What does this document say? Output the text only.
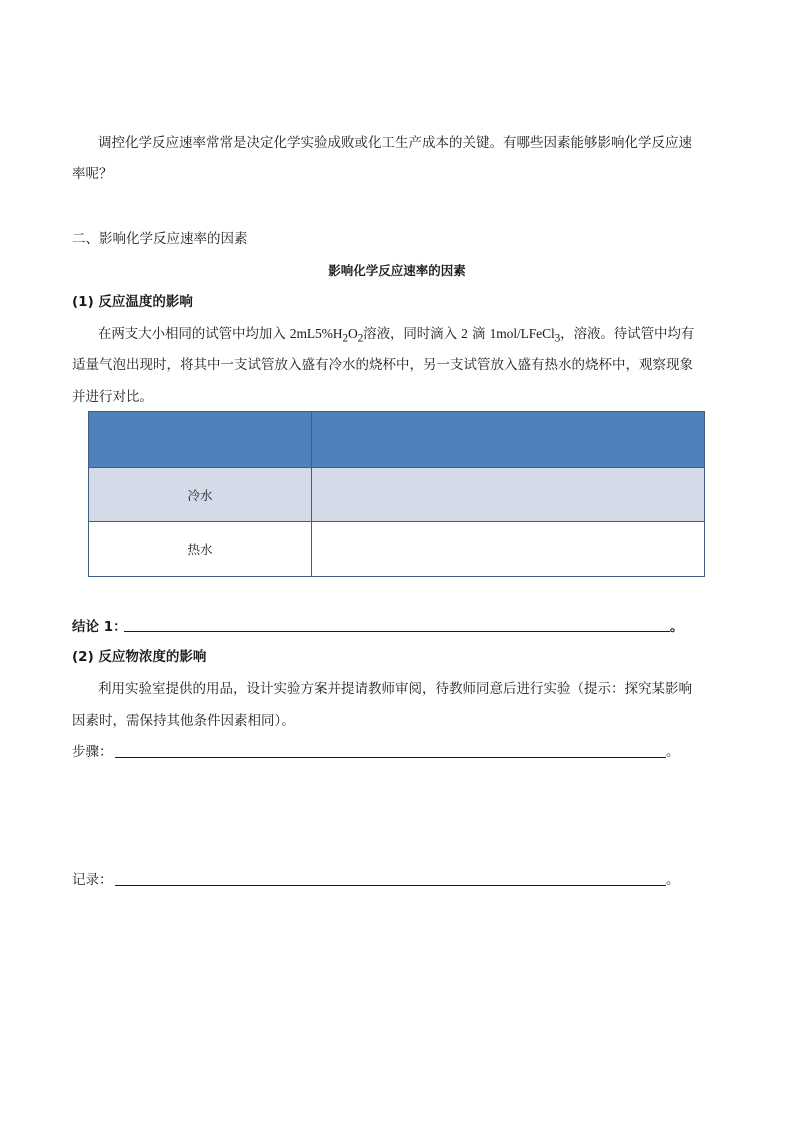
调控化学反应速率常常是决定化学实验成败或化工生产成本的关键。有哪些因素能够影响化学反应速
率呢？
二、影响化学反应速率的因素
影响化学反应速率的因素
(1) 反应温度的影响
在两支大小相同的试管中均加入 $2mL5\%H_2O_2$溶液，同时滴入 2 滴 1mol/LFeCl$_3$，溶液。待试管中均有
适量气泡出现时，将其中一支试管放入盛有冷水的烧杯中，另一支试管放入盛有热水的烧杯中，观察现象
并进行对比。

冷水	
热水	
结论 1：	。
(2) 反应物浓度的影响
利用实验室提供的用品，设计实验方案并提请教师审阅，待教师同意后进行实验（提示：探究某影响
因素时，需保持其他条件因素相同）。
步骤：	。
记录：	。
